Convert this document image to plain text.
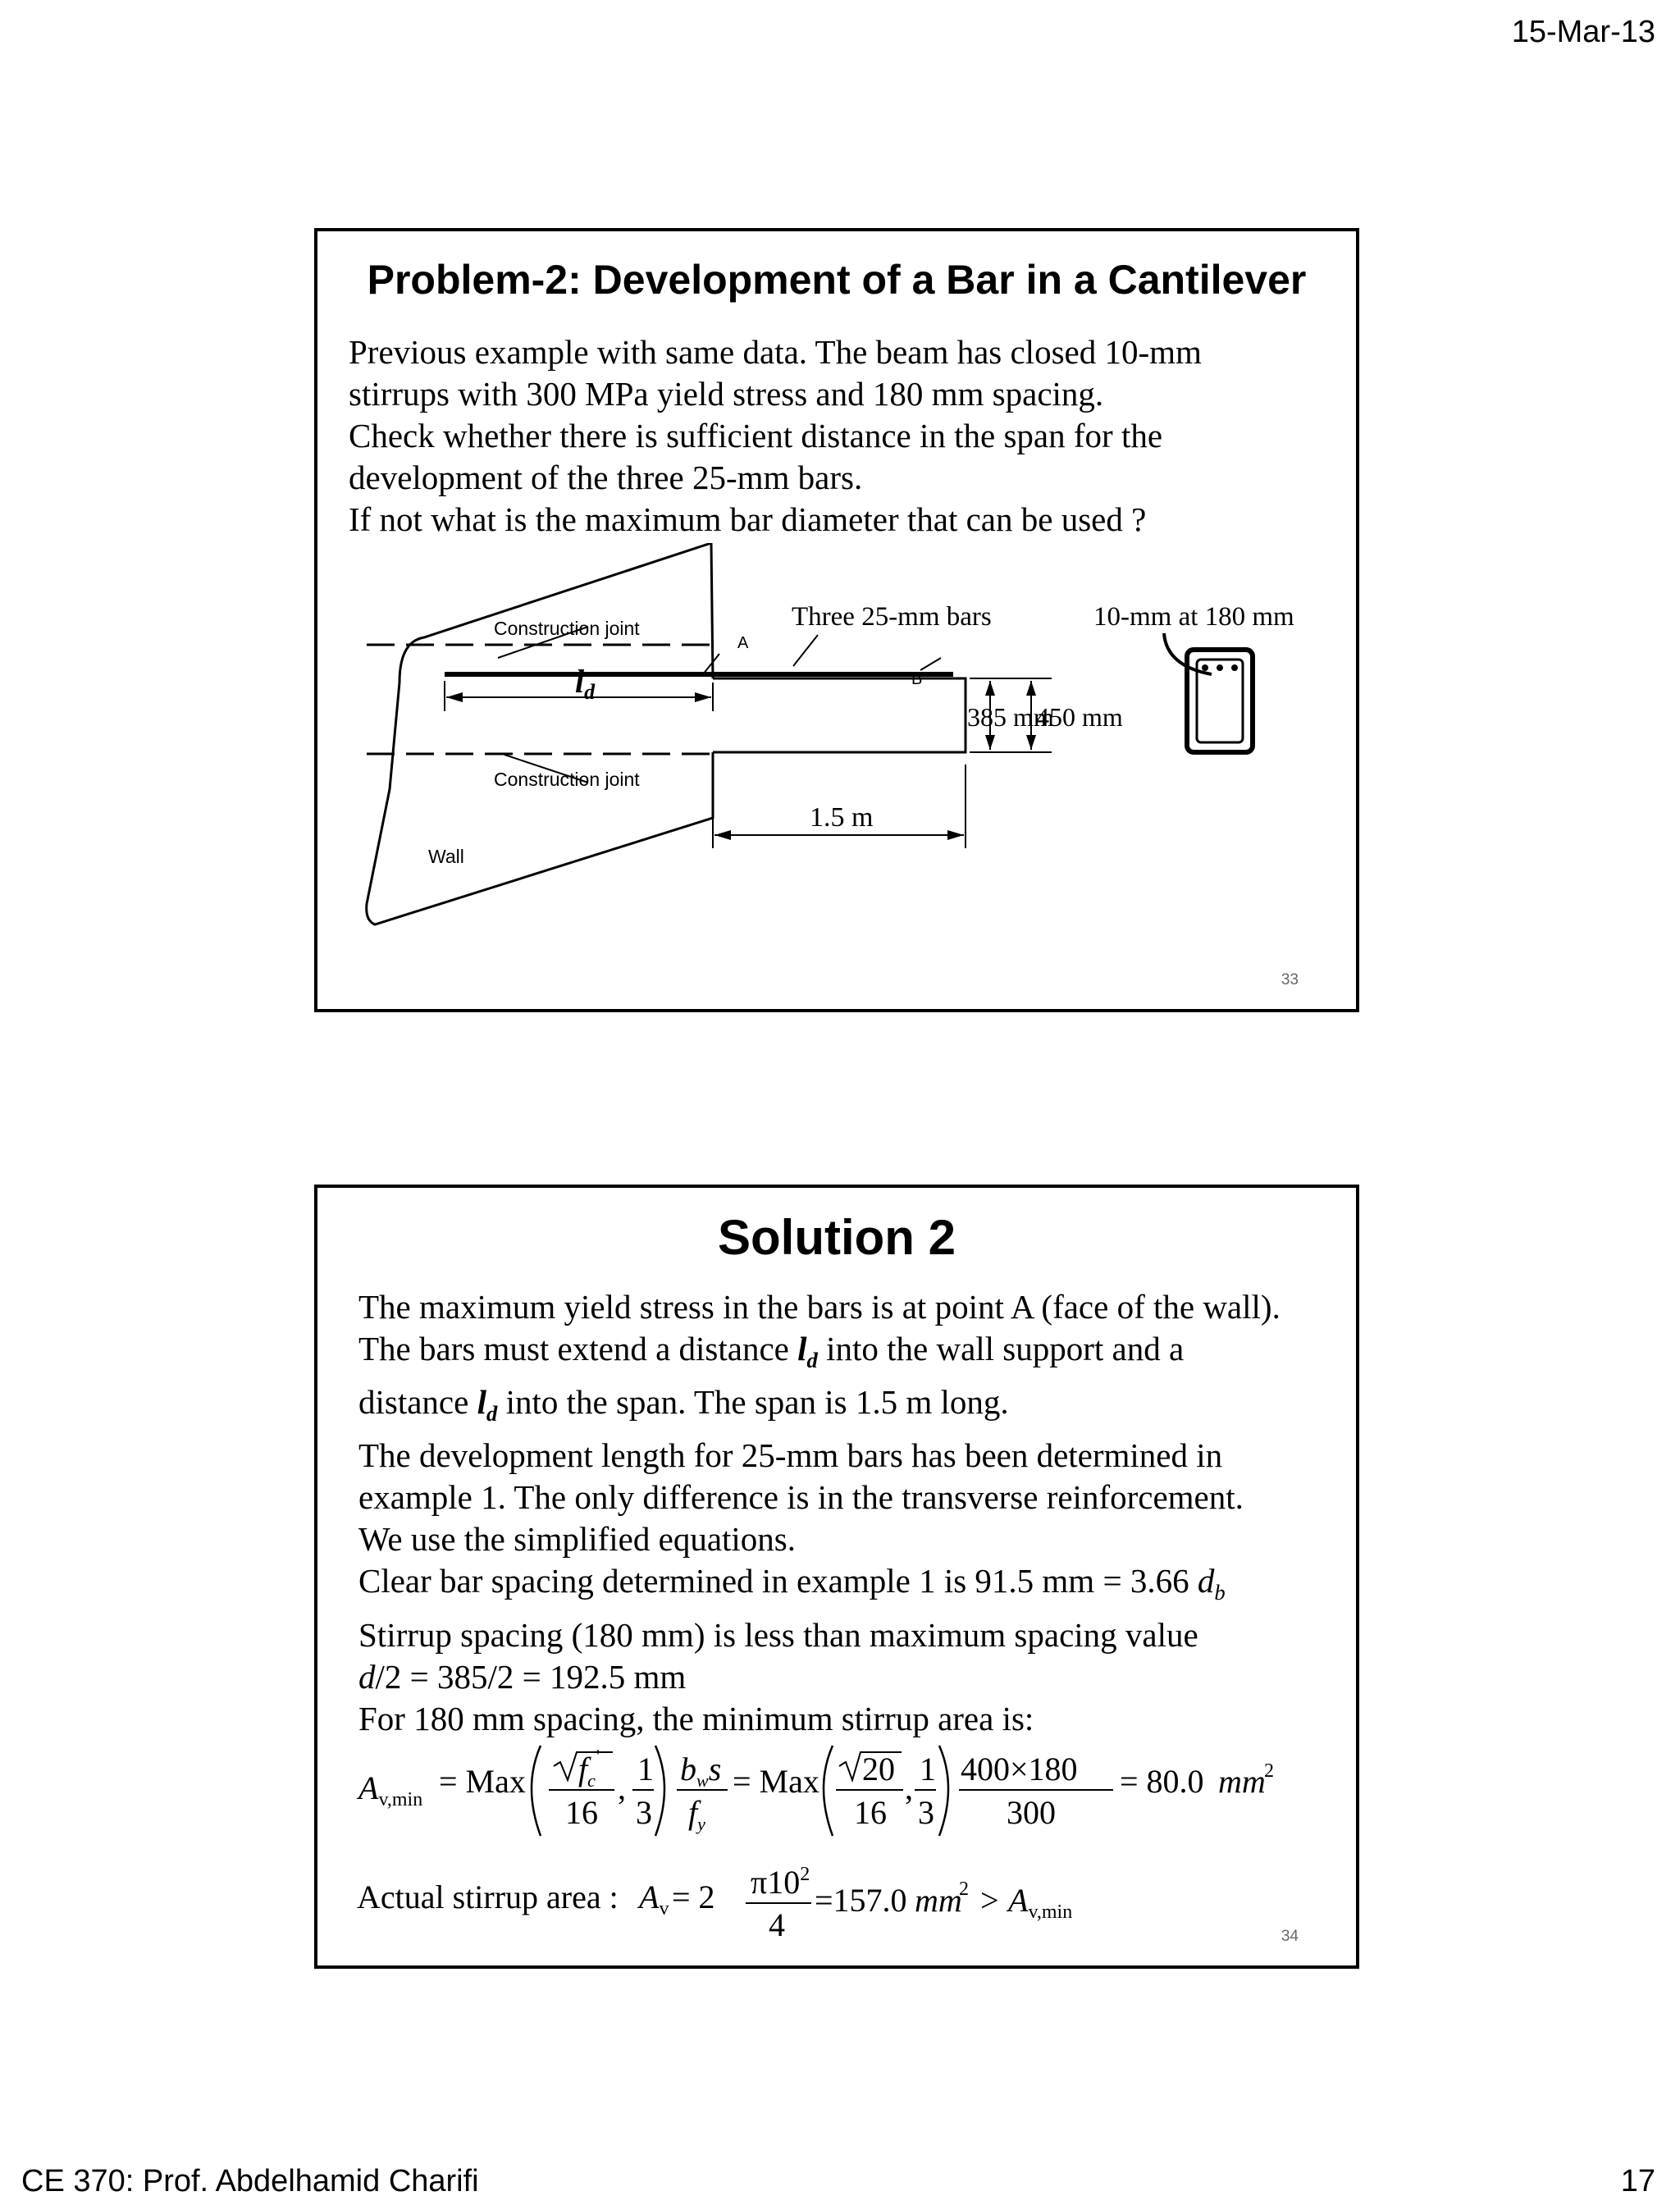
15-Mar-13
Problem-2: Development of a Bar in a Cantilever
Previous example with same data. The beam has closed 10-mm
stirrups with 300 MPa yield stress and 180 mm spacing.
Check whether there is sufficient distance in the span for the
development of the three 25-mm bars.
If not what is the maximum bar diameter that can be used ?
Construction joint
Construction joint
A
B
Three 25-mm bars	10-mm at 180 mm
$l_d$
385 mm
450 mm
1.5 m
Wall
33
Solution 2
The maximum yield stress in the bars is at point A (face of the wall).
The bars must extend a distance $l_d$ into the wall support and a
distance $l_d$ into the span. The span is 1.5 m long.
The development length for 25-mm bars has been determined in
example 1. The only difference is in the transverse reinforcement.
We use the simplified equations.
Clear bar spacing determined in example 1 is 91.5 mm = 3.66 $d_b$
Stirrup spacing (180 mm) is less than maximum spacing value
d/2 = 385/2 = 192.5 mm
For 180 mm spacing, the minimum stirrup area is:
$A_{v,min}$ = Max $f_c$
'
16
,
1
3
$b_ws$
$f_y$
= Max 20
16
,
1
3
400×180
300
= 80.0 mm
2
Actual stirrup area : $A_v = 2$ $\pi 10^2$
4
=157.0 mm
$2 > A_{v,min}$
34
CE 370: Prof. Abdelhamid Charifi	17
